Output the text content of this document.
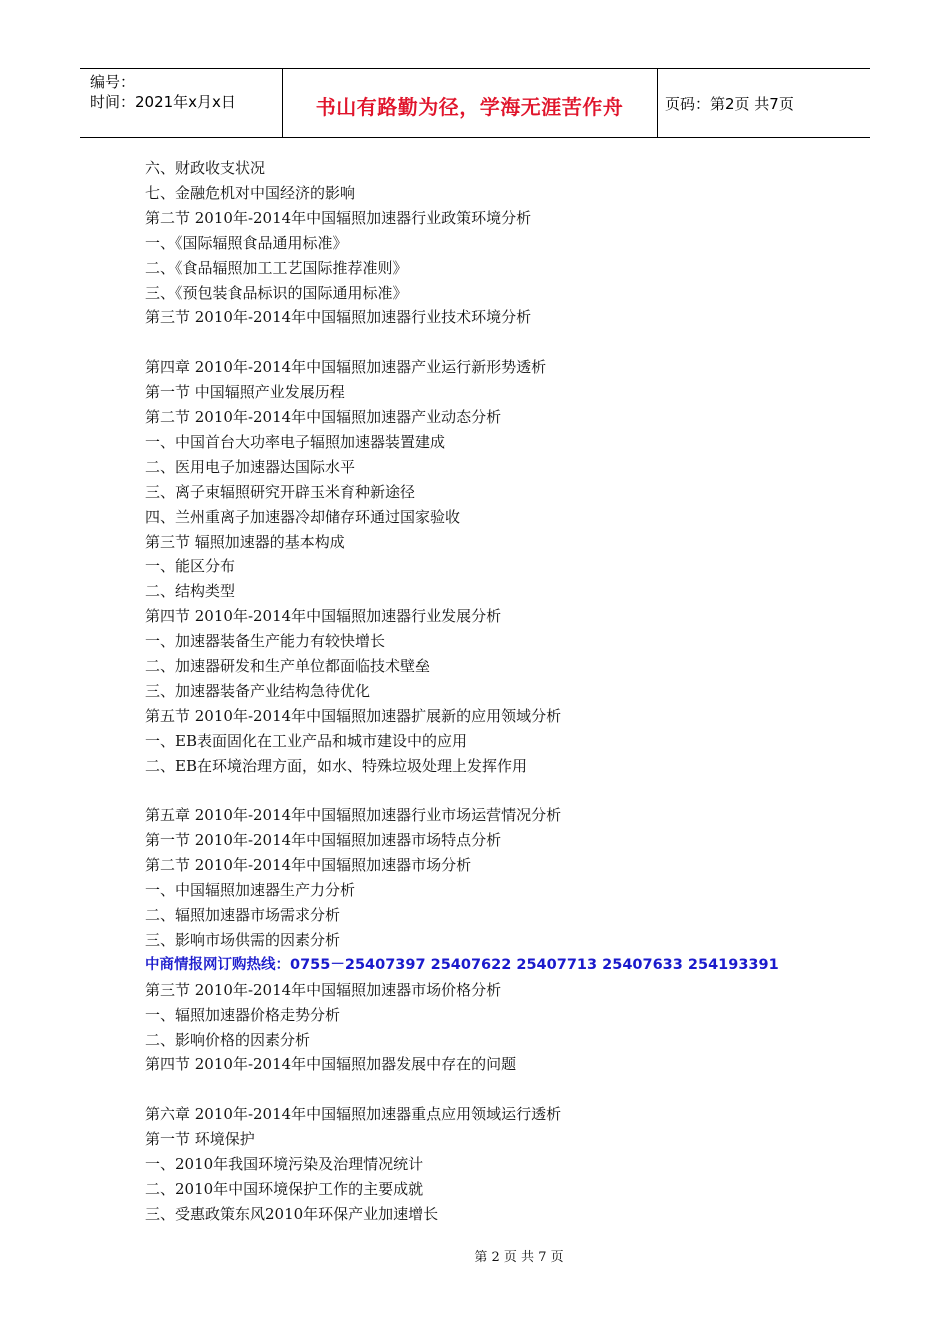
编号：
时间：2021年x月x日	书山有路勤为径，学海无涯苦作舟	页码：第2页 共7页
六、财政收支状况
七、金融危机对中国经济的影响
第二节 2010年-2014年中国辐照加速器行业政策环境分析
一、《国际辐照食品通用标准》
二、《食品辐照加工工艺国际推荐准则》
三、《预包装食品标识的国际通用标准》
第三节 2010年-2014年中国辐照加速器行业技术环境分析
第四章 2010年-2014年中国辐照加速器产业运行新形势透析
第一节 中国辐照产业发展历程
第二节 2010年-2014年中国辐照加速器产业动态分析
一、中国首台大功率电子辐照加速器装置建成
二、医用电子加速器达国际水平
三、离子束辐照研究开辟玉米育种新途径
四、兰州重离子加速器冷却储存环通过国家验收
第三节 辐照加速器的基本构成
一、能区分布
二、结构类型
第四节 2010年-2014年中国辐照加速器行业发展分析
一、加速器装备生产能力有较快增长
二、加速器研发和生产单位都面临技术壁垒
三、加速器装备产业结构急待优化
第五节 2010年-2014年中国辐照加速器扩展新的应用领域分析
一、EB表面固化在工业产品和城市建设中的应用
二、EB在环境治理方面，如水、特殊垃圾处理上发挥作用
第五章 2010年-2014年中国辐照加速器行业市场运营情况分析
第一节 2010年-2014年中国辐照加速器市场特点分析
第二节 2010年-2014年中国辐照加速器市场分析
一、中国辐照加速器生产力分析
二、辐照加速器市场需求分析
三、影响市场供需的因素分析
中商情报网订购热线：0755－25407397 25407622 25407713 25407633 254193391
第三节 2010年-2014年中国辐照加速器市场价格分析
一、辐照加速器价格走势分析
二、影响价格的因素分析
第四节 2010年-2014年中国辐照加器发展中存在的问题
第六章 2010年-2014年中国辐照加速器重点应用领域运行透析
第一节 环境保护
一、2010年我国环境污染及治理情况统计
二、2010年中国环境保护工作的主要成就
三、受惠政策东风2010年环保产业加速增长
第 2 页 共 7 页
